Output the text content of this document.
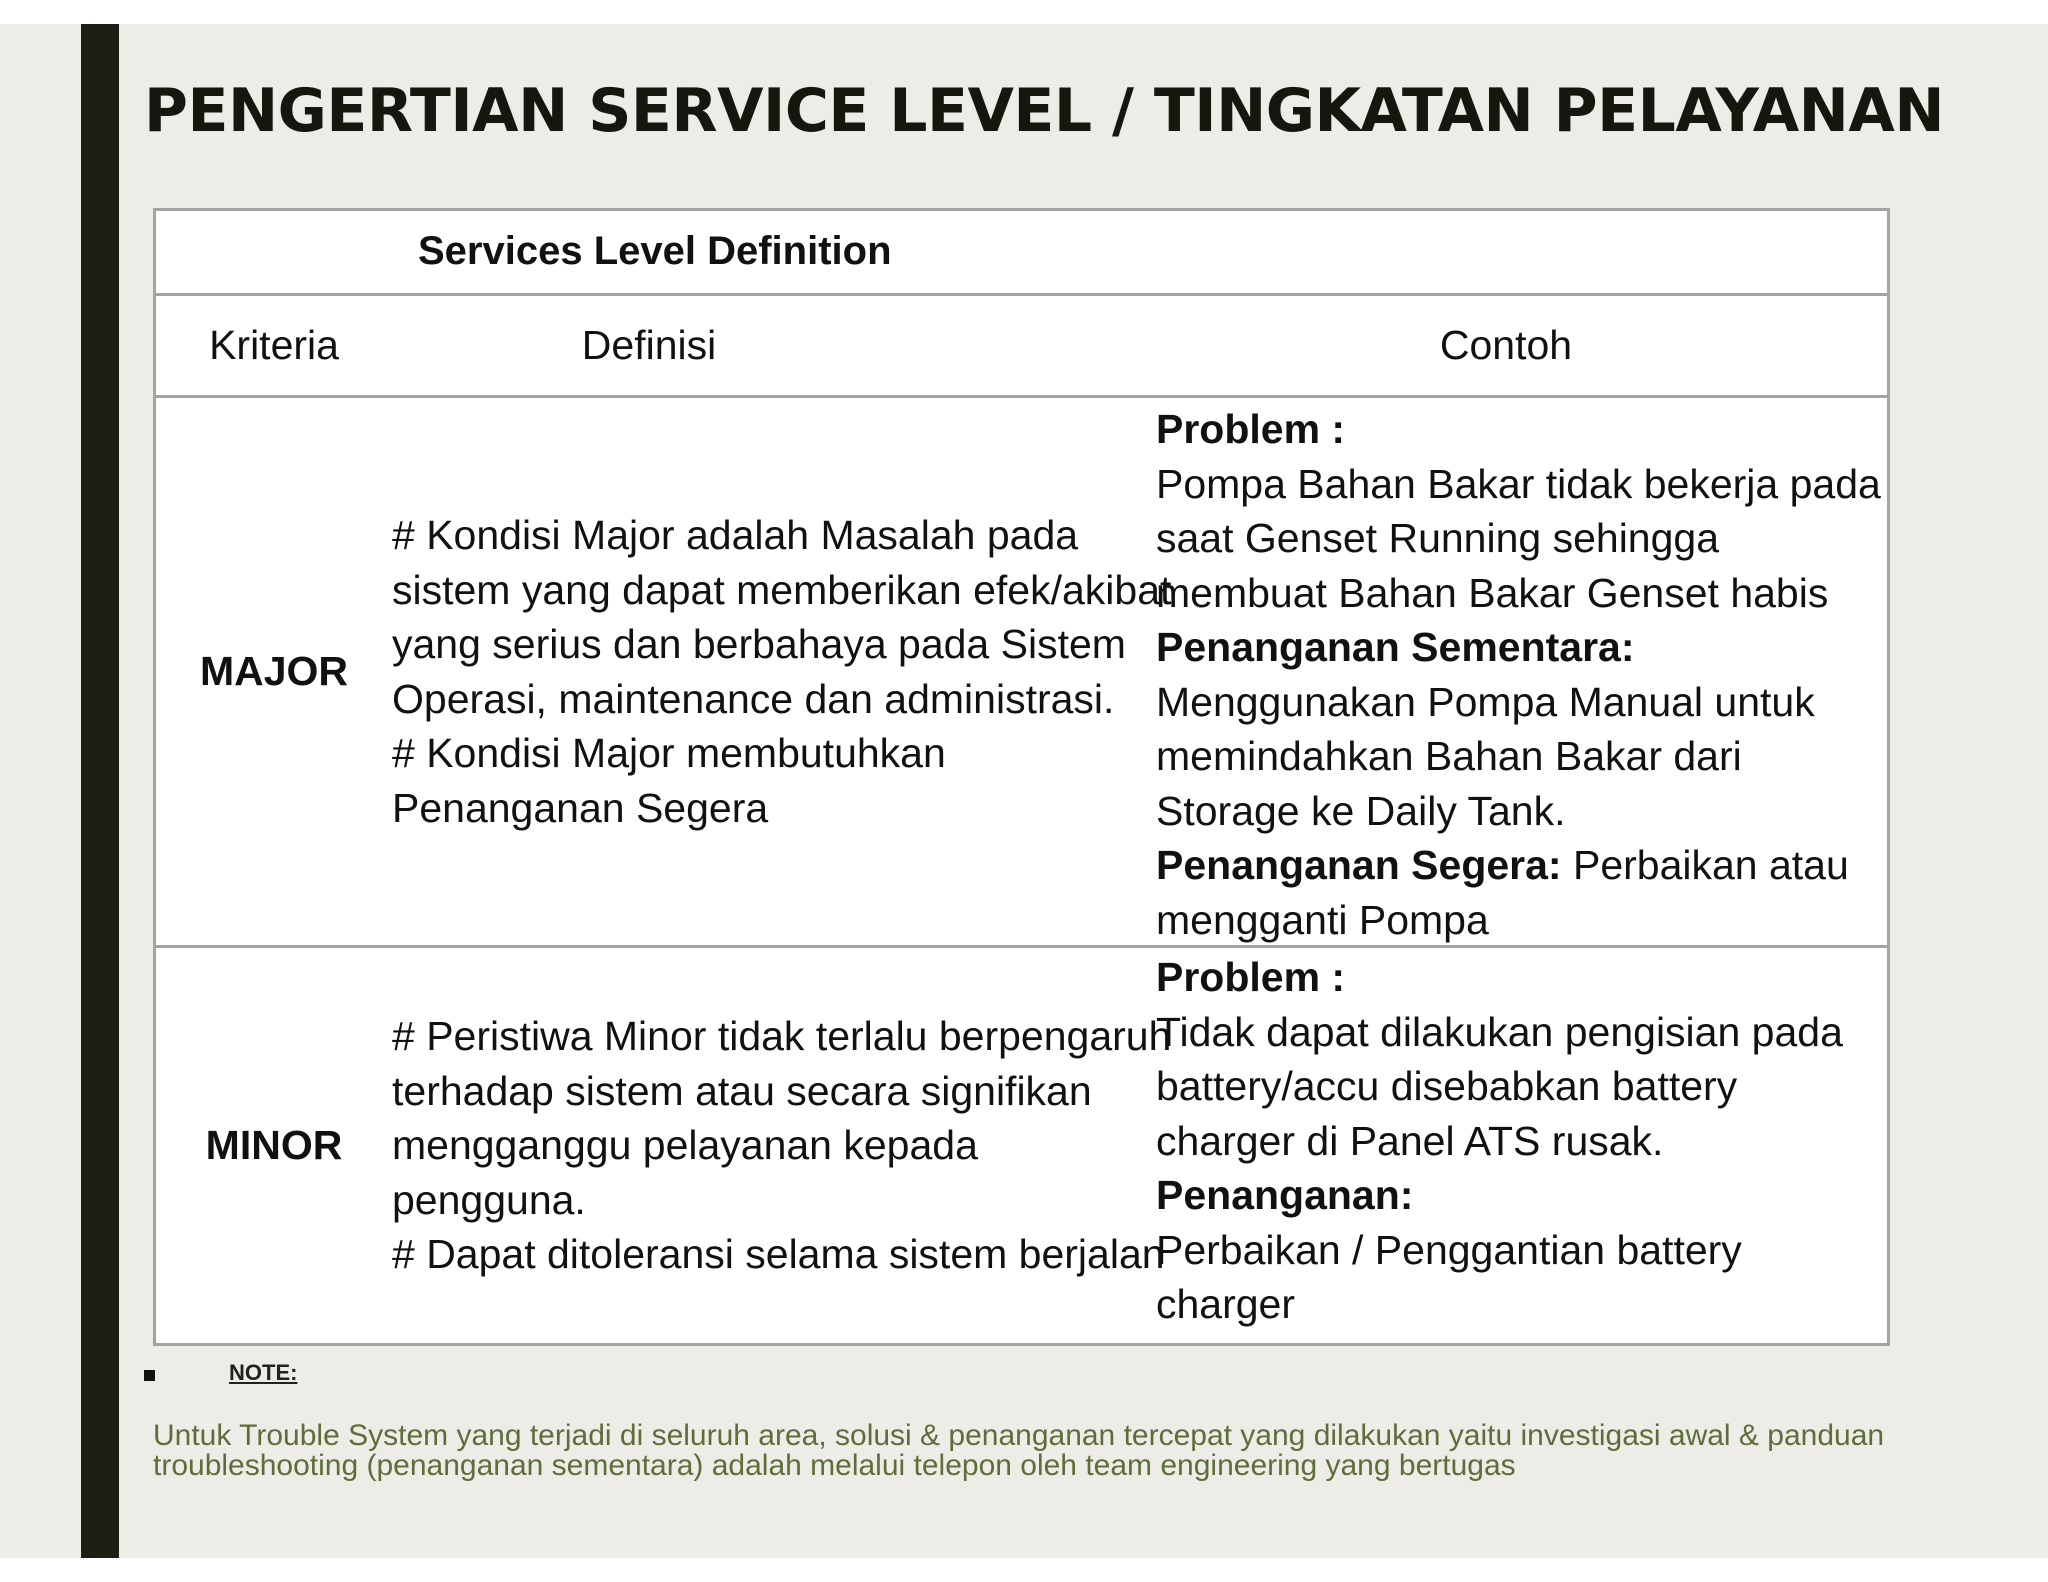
PENGERTIAN SERVICE LEVEL / TINGKATAN PELAYANAN
Services Level Definition
Kriteria	Definisi	Contoh
MAJOR

# Kondisi Major adalah Masalah pada sistem yang dapat memberikan efek/akibat yang serius dan berbahaya pada Sistem Operasi, maintenance dan administrasi.

# Kondisi Major membutuhkan Penanganan Segera

Problem :

Pompa Bahan Bakar tidak bekerja pada saat Genset Running sehingga membuat Bahan Bakar Genset habis

Penanganan Sementara:

Menggunakan Pompa Manual untuk memindahkan Bahan Bakar dari Storage ke Daily Tank.

Penanganan Segera: Perbaikan atau mengganti Pompa

MINOR

# Peristiwa Minor tidak terlalu berpengaruh terhadap sistem atau secara signifikan mengganggu pelayanan kepada pengguna.

# Dapat ditoleransi selama sistem berjalan

Problem :

Tidak dapat dilakukan pengisian pada battery/accu disebabkan battery charger di Panel ATS rusak.

Penanganan:

Perbaikan / Penggantian battery charger

NOTE:
Untuk Trouble System yang terjadi di seluruh area, solusi & penanganan tercepat yang dilakukan yaitu investigasi awal & panduan troubleshooting (penanganan sementara) adalah melalui telepon oleh team engineering yang bertugas
